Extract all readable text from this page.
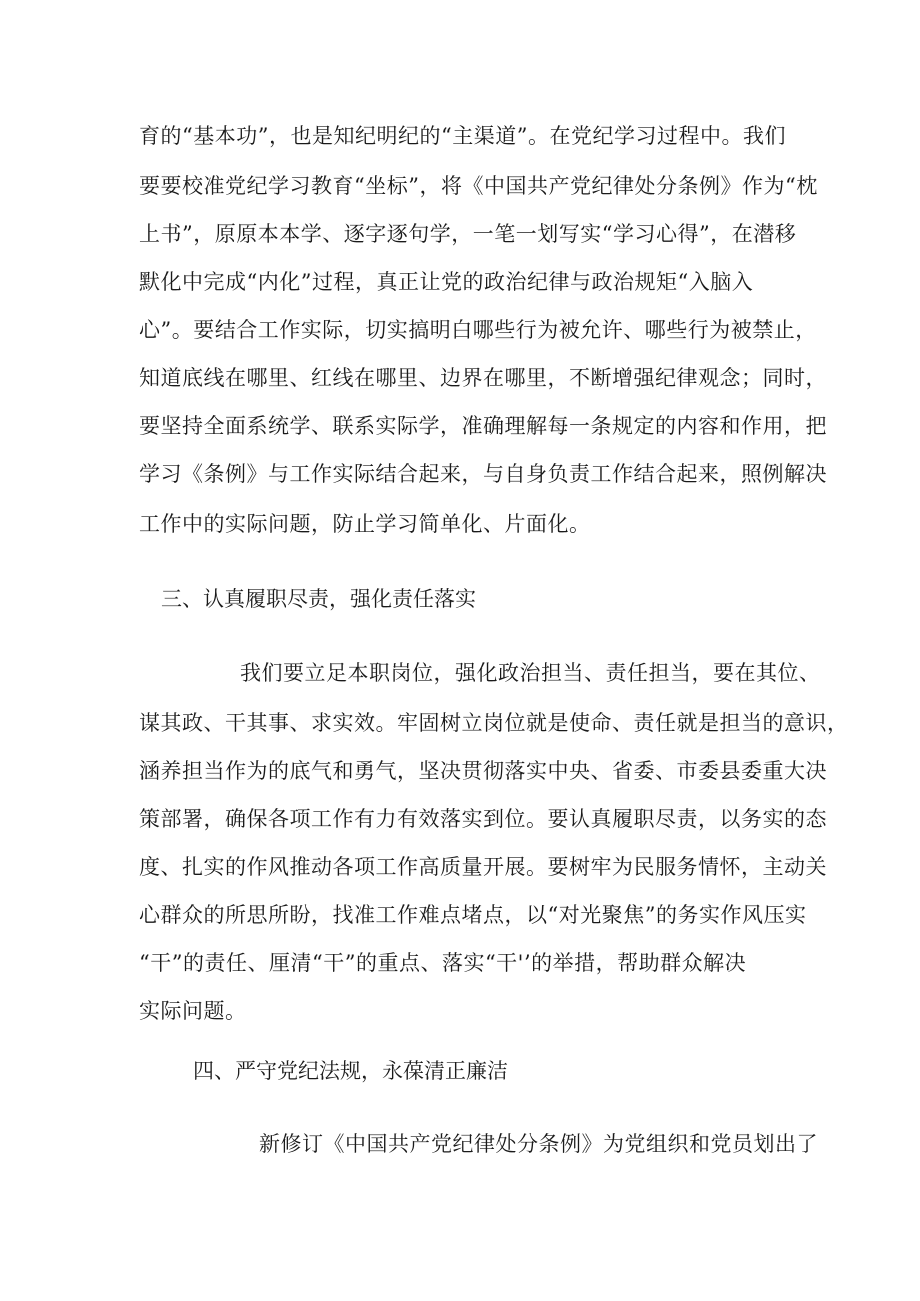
育的“基本功”，也是知纪明纪的“主渠道”。在党纪学习过程中。我们
要要校准党纪学习教育“坐标”，将《中国共产党纪律处分条例》作为“枕
上书”，原原本本学、逐字逐句学，一笔一划写实“学习心得”，在潜移
默化中完成“内化”过程，真正让党的政治纪律与政治规矩“入脑入
心”。要结合工作实际，切实搞明白哪些行为被允许、哪些行为被禁止，
知道底线在哪里、红线在哪里、边界在哪里，不断增强纪律观念；同时，
要坚持全面系统学、联系实际学，准确理解每一条规定的内容和作用，把
学习《条例》与工作实际结合起来，与自身负责工作结合起来，照例解决
工作中的实际问题，防止学习简单化、片面化。
三、认真履职尽责，强化责任落实
我们要立足本职岗位，强化政治担当、责任担当，要在其位、
谋其政、干其事、求实效。牢固树立岗位就是使命、责任就是担当的意识，
涵养担当作为的底气和勇气，坚决贯彻落实中央、省委、市委县委重大决
策部署，确保各项工作有力有效落实到位。要认真履职尽责，以务实的态
度、扎实的作风推动各项工作高质量开展。要树牢为民服务情怀，主动关
心群众的所思所盼，找准工作难点堵点，以“对光聚焦”的务实作风压实
“干”的责任、厘清“干”的重点、落实“干'’的举措，帮助群众解决
实际问题。
四、严守党纪法规，永葆清正廉洁
新修订《中国共产党纪律处分条例》为党组织和党员划出了
